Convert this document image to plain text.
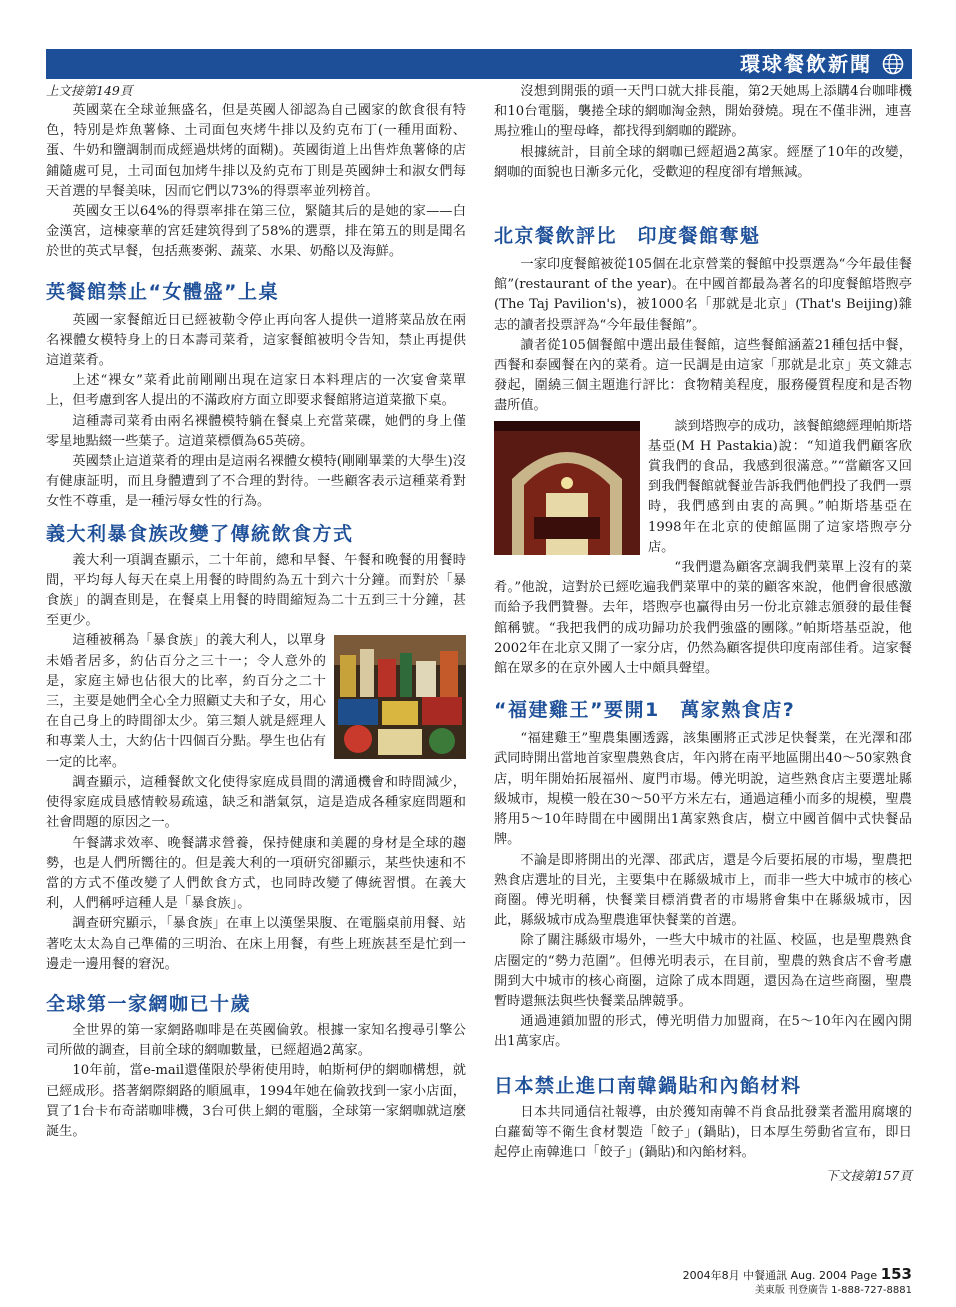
環球餐飲新聞
上文接第149頁

英國菜在全球並無盛名，但是英國人卻認為自己國家的飲食很有特色，特別是炸魚薯條、土司面包夾烤牛排以及約克布丁(一種用面粉、蛋、牛奶和鹽調制而成經過烘烤的面糊)。英國街道上出售炸魚薯條的店鋪隨處可見，土司面包加烤牛排以及約克布丁則是英國紳士和淑女們每天首選的早餐美味，因而它們以73%的得票率並列榜首。

英國女王以64%的得票率排在第三位，緊隨其后的是她的家——白金漢宮，這棟豪華的宮廷建筑得到了58%的選票，排在第五的則是聞名於世的英式早餐，包括燕麥粥、蔬菜、水果、奶酪以及海鮮。

英餐館禁止“女體盛”上桌

英國一家餐館近日已經被勒令停止再向客人提供一道將菜品放在兩名裸體女模特身上的日本壽司菜肴，這家餐館被明令告知，禁止再提供這道菜肴。

上述“裸女”菜肴此前剛剛出現在這家日本料理店的一次宴會菜單上，但考慮到客人提出的不滿政府方面立即要求餐館將這道菜撤下桌。

這種壽司菜肴由兩名裸體模特躺在餐桌上充當菜碟，她們的身上僅零星地點綴一些葉子。這道菜標價為65英磅。

英國禁止這道菜肴的理由是這兩名裸體女模特(剛剛畢業的大學生)沒有健康証明，而且身體遭到了不合理的對待。一些顧客表示這種菜肴對女性不尊重，是一種污辱女性的行為。

義大利暴食族改變了傳統飲食方式

義大利一項調查顯示，二十年前，總和早餐、午餐和晚餐的用餐時間，平均每人每天在桌上用餐的時間約為五十到六十分鐘。而對於「暴食族」的調查則是，在餐桌上用餐的時間縮短為二十五到三十分鐘，甚至更少。

這種被稱為「暴食族」的義大利人，以單身未婚者居多，約佔百分之三十一；令人意外的是，家庭主婦也佔很大的比率，約百分之二十三，主要是她們全心全力照顧丈夫和子女，用心在自己身上的時間卻太少。第三類人就是經理人和專業人士，大約佔十四個百分點。學生也佔有一定的比率。

調查顯示，這種餐飲文化使得家庭成員間的溝通機會和時間減少，使得家庭成員感情較易疏遠，缺乏和諧氣氛，這是造成各種家庭問題和社會問題的原因之一。

午餐講求效率、晚餐講求營養，保持健康和美麗的身材是全球的趨勢，也是人們所嚮往的。但是義大利的一項研究卻顯示，某些快速和不當的方式不僅改變了人們飲食方式，也同時改變了傳統習慣。在義大利，人們稱呼這種人是「暴食族」。

調查研究顯示，「暴食族」在車上以漢堡果腹、在電腦桌前用餐、站著吃太太為自己準備的三明治、在床上用餐，有些上班族甚至是忙到一邊走一邊用餐的窘況。

全球第一家網咖已十歲

全世界的第一家網路咖啡是在英國倫敦。根據一家知名搜尋引擎公司所做的調查，目前全球的網咖數量，已經超過2萬家。

10年前，當e-mail還僅限於學術使用時，帕斯柯伊的網咖構想，就已經成形。搭著網際網路的順風車，1994年她在倫敦找到一家小店面，買了1台卡布奇諾咖啡機，3台可供上網的電腦，全球第一家網咖就這麼誕生。

沒想到開張的頭一天門口就大排長龍，第2天她馬上添購4台咖啡機和10台電腦，襲捲全球的網咖淘金熱，開始發燒。現在不僅非洲，連喜馬拉雅山的聖母峰，都找得到網咖的蹤跡。

根據統計，目前全球的網咖已經超過2萬家。經歷了10年的改變，網咖的面貌也日漸多元化，受歡迎的程度卻有增無減。

北京餐飲評比　印度餐館奪魁

一家印度餐館被從105個在北京營業的餐館中投票選為“今年最佳餐館”(restaurant of the year)。在中國首都最為著名的印度餐館塔煦亭(The Taj Pavilion's)，被1000名「那就是北京」(That's Beijing)雜志的讀者投票評為“今年最佳餐館”。

讀者從105個餐館中選出最佳餐館，這些餐館涵蓋21種包括中餐，西餐和泰國餐在內的菜肴。這一民調是由這家「那就是北京」英文雜志發起，圍繞三個主題進行評比：食物精美程度，服務優質程度和是否物盡所值。

談到塔煦亭的成功，該餐館總經理帕斯塔基亞(M H Pastakia)說：“知道我們顧客欣賞我們的食品，我感到很滿意。”“當顧客又回到我們餐館就餐並告訴我們他們投了我們一票時，我們感到由衷的高興。”帕斯塔基亞在1998年在北京的使館區開了這家塔煦亭分店。

“我們還為顧客烹調我們菜單上沒有的菜肴。”他說，這對於已經吃遍我們菜單中的菜的顧客來說，他們會很感激而給予我們贊譽。去年，塔煦亭也贏得由另一份北京雜志頒發的最佳餐館稱號。“我把我們的成功歸功於我們強盛的團隊。”帕斯塔基亞說，他2002年在北京又開了一家分店，仍然為顧客提供印度南部佳肴。這家餐館在眾多的在京外國人士中頗具聲望。

“福建雞王”要開1　萬家熟食店?

“福建雞王”聖農集團透露，該集團將正式涉足快餐業，在光澤和邵武同時開出當地首家聖農熟食店，年內將在南平地區開出40～50家熟食店，明年開始拓展福州、廈門市場。傅光明說，這些熟食店主要選址縣級城市，規模一般在30～50平方米左右，通過這種小而多的規模，聖農將用5～10年時間在中國開出1萬家熟食店，樹立中國首個中式快餐品牌。

不論是即將開出的光澤、邵武店，還是今后要拓展的市場，聖農把熟食店選址的目光，主要集中在縣級城市上，而非一些大中城市的核心商圈。傅光明稱，快餐業目標消費者的市場將會集中在縣級城市，因此，縣級城市成為聖農進軍快餐業的首選。

除了關注縣級市場外，一些大中城市的社區、校區，也是聖農熟食店圈定的“勢力范圍”。但傅光明表示，在目前，聖農的熟食店不會考慮開到大中城市的核心商圈，這除了成本問題，還因為在這些商圈，聖農暫時還無法與些快餐業品牌競爭。

通過連鎖加盟的形式，傅光明借力加盟商，在5～10年內在國內開出1萬家店。

日本禁止進口南韓鍋貼和內餡材料

日本共同通信社報導，由於獲知南韓不肖食品批發業者濫用腐壞的白蘿蔔等不衛生食材製造「餃子」(鍋貼)，日本厚生勞動省宣布，即日起停止南韓進口「餃子」(鍋貼)和內餡材料。

下文接第157頁
2004年8月 中餐通訊 Aug. 2004 Page 153
美東版 刊登廣告 1-888-727-8881
